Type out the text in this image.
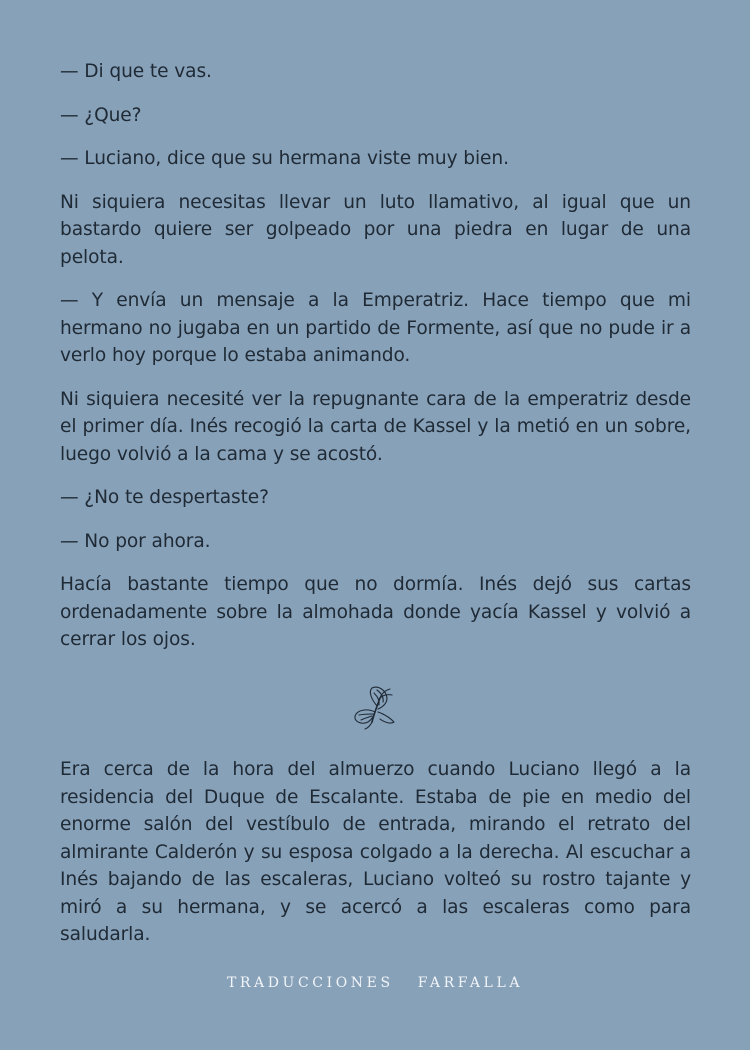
— Di que te vas.

— ¿Que?

— Luciano, dice que su hermana viste muy bien.

Ni siquiera necesitas llevar un luto llamativo, al igual que un bastardo quiere ser golpeado por una piedra en lugar de una pelota.

— Y envía un mensaje a la Emperatriz. Hace tiempo que mi hermano no jugaba en un partido de Formente, así que no pude ir a verlo hoy porque lo estaba animando.

Ni siquiera necesité ver la repugnante cara de la emperatriz desde el primer día. Inés recogió la carta de Kassel y la metió en un sobre, luego volvió a la cama y se acostó.

— ¿No te despertaste?

— No por ahora.

Hacía bastante tiempo que no dormía. Inés dejó sus cartas ordenadamente sobre la almohada donde yacía Kassel y volvió a cerrar los ojos.

Era cerca de la hora del almuerzo cuando Luciano llegó a la residencia del Duque de Escalante. Estaba de pie en medio del enorme salón del vestíbulo de entrada, mirando el retrato del almirante Calderón y su esposa colgado a la derecha. Al escuchar a Inés bajando de las escaleras, Luciano volteó su rostro tajante y miró a su hermana, y se acercó a las escaleras como para saludarla.

TRADUCCIONES   FARFALLA
